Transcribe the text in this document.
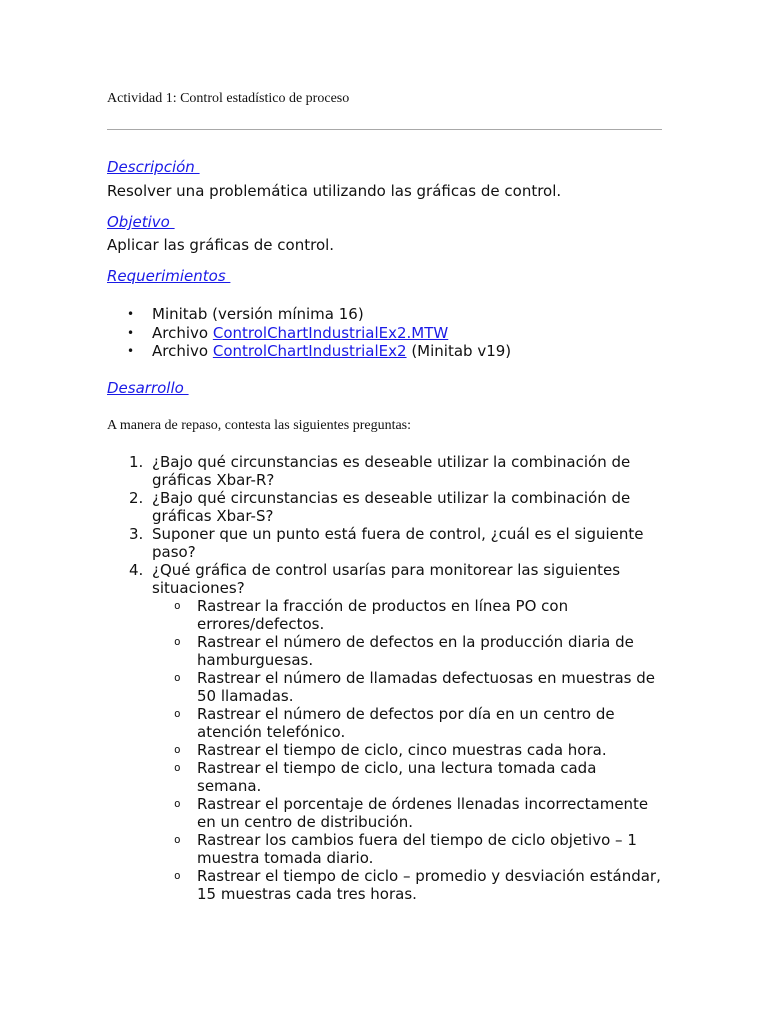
Actividad 1: Control estadístico de proceso
Descripción
Resolver una problemática utilizando las gráficas de control.
Objetivo
Aplicar las gráficas de control.
Requerimientos
• Minitab (versión mínima 16)
• Archivo ControlChartIndustrialEx2.MTW
• Archivo ControlChartIndustrialEx2 (Minitab v19)
Desarrollo
A manera de repaso, contesta las siguientes preguntas:
1. ¿Bajo qué circunstancias es deseable utilizar la combinación de gráficas Xbar-R?
2. ¿Bajo qué circunstancias es deseable utilizar la combinación de gráficas Xbar-S?
3. Suponer que un punto está fuera de control, ¿cuál es el siguiente paso?
4. ¿Qué gráfica de control usarías para monitorear las siguientes situaciones?
o Rastrear la fracción de productos en línea PO con errores/defectos.
o Rastrear el número de defectos en la producción diaria de hamburguesas.
o Rastrear el número de llamadas defectuosas en muestras de 50 llamadas.
o Rastrear el número de defectos por día en un centro de atención telefónico.
o Rastrear el tiempo de ciclo, cinco muestras cada hora.
o Rastrear el tiempo de ciclo, una lectura tomada cada semana.
o Rastrear el porcentaje de órdenes llenadas incorrectamente en un centro de distribución.
o Rastrear los cambios fuera del tiempo de ciclo objetivo – 1 muestra tomada diario.
o Rastrear el tiempo de ciclo – promedio y desviación estándar, 15 muestras cada tres horas.
